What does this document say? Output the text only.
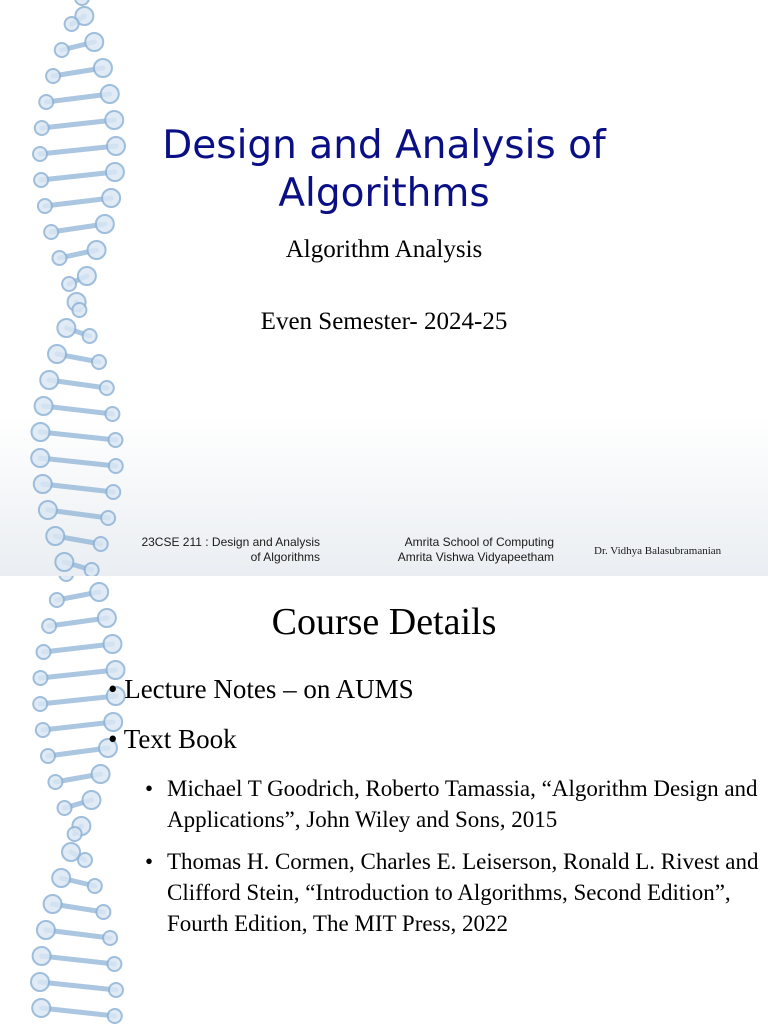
Design and Analysis of
Algorithms
Algorithm Analysis
Even Semester- 2024-25
23CSE 211 : Design and Analysis
of Algorithms
Amrita School of Computing
Amrita Vishwa Vidyapeetham	Dr. Vidhya Balasubramanian
Course Details
• Lecture Notes – on AUMS
• Text Book
• Michael T Goodrich, Roberto Tamassia, “Algorithm Design and Applications”, John Wiley and Sons, 2015
• Thomas H. Cormen, Charles E. Leiserson, Ronald L. Rivest and Clifford Stein, “Introduction to Algorithms, Second Edition”, Fourth Edition, The MIT Press, 2022
